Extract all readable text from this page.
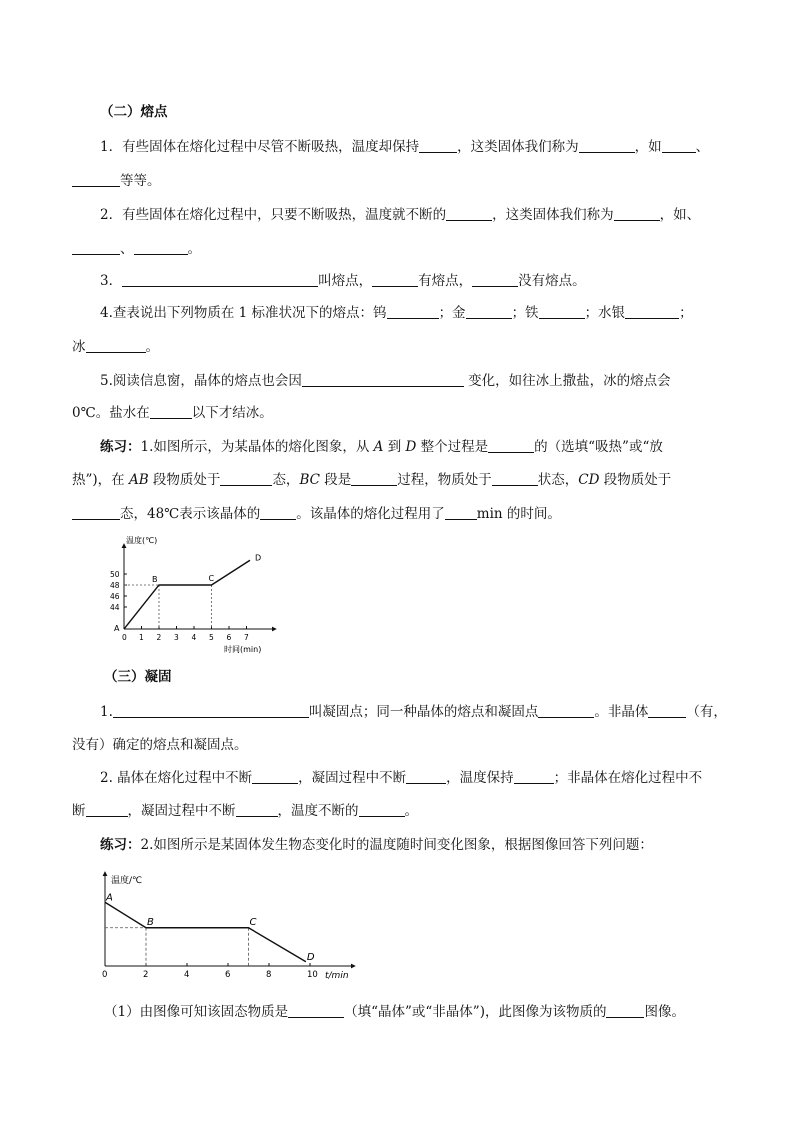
（二）熔点
1．有些固体在熔化过程中尽管不断吸热，温度却保持	，这类固体我们称为	，如	、
等等。
2．有些固体在熔化过程中，只要不断吸热，温度就不断的	，这类固体我们称为	，如、
、	。
3．	叫熔点，	有熔点，	没有熔点。
4.查表说出下列物质在 1 标准状况下的熔点：钨	；金	；铁	；水银	；
冰	。
5.阅读信息窗，晶体的熔点也会因	变化，如往冰上撒盐，冰的熔点会
0℃。盐水在	以下才结冰。
练习：1.如图所示，为某晶体的熔化图象，从 A 到 D 整个过程是	的（选填“吸热”或“放
热”)，在 AB 段物质处于	态，BC 段是	过程，物质处于	状态，CD 段物质处于
态，48℃表示该晶体的	。该晶体的熔化过程用了 min 的时间。
温度(℃)
时间(min)
0 1 2 3 4 5 6 7
44
46
48
50
A
B	C
D
（三）凝固
1.	叫凝固点；同一种晶体的熔点和凝固点	。非晶体	（有，
没有）确定的熔点和凝固点。
2. 晶体在熔化过程中不断	，凝固过程中不断	，温度保持	；非晶体在熔化过程中不
断	，凝固过程中不断	，温度不断的	。
练习：2.如图所示是某固体发生物态变化时的温度随时间变化图象，根据图像回答下列问题：
温度/℃
t/min
0	2	4	6	8	10
A
B	C
D
（1）由图像可知该固态物质是	（填“晶体”或“非晶体”)，此图像为该物质的	图像。
